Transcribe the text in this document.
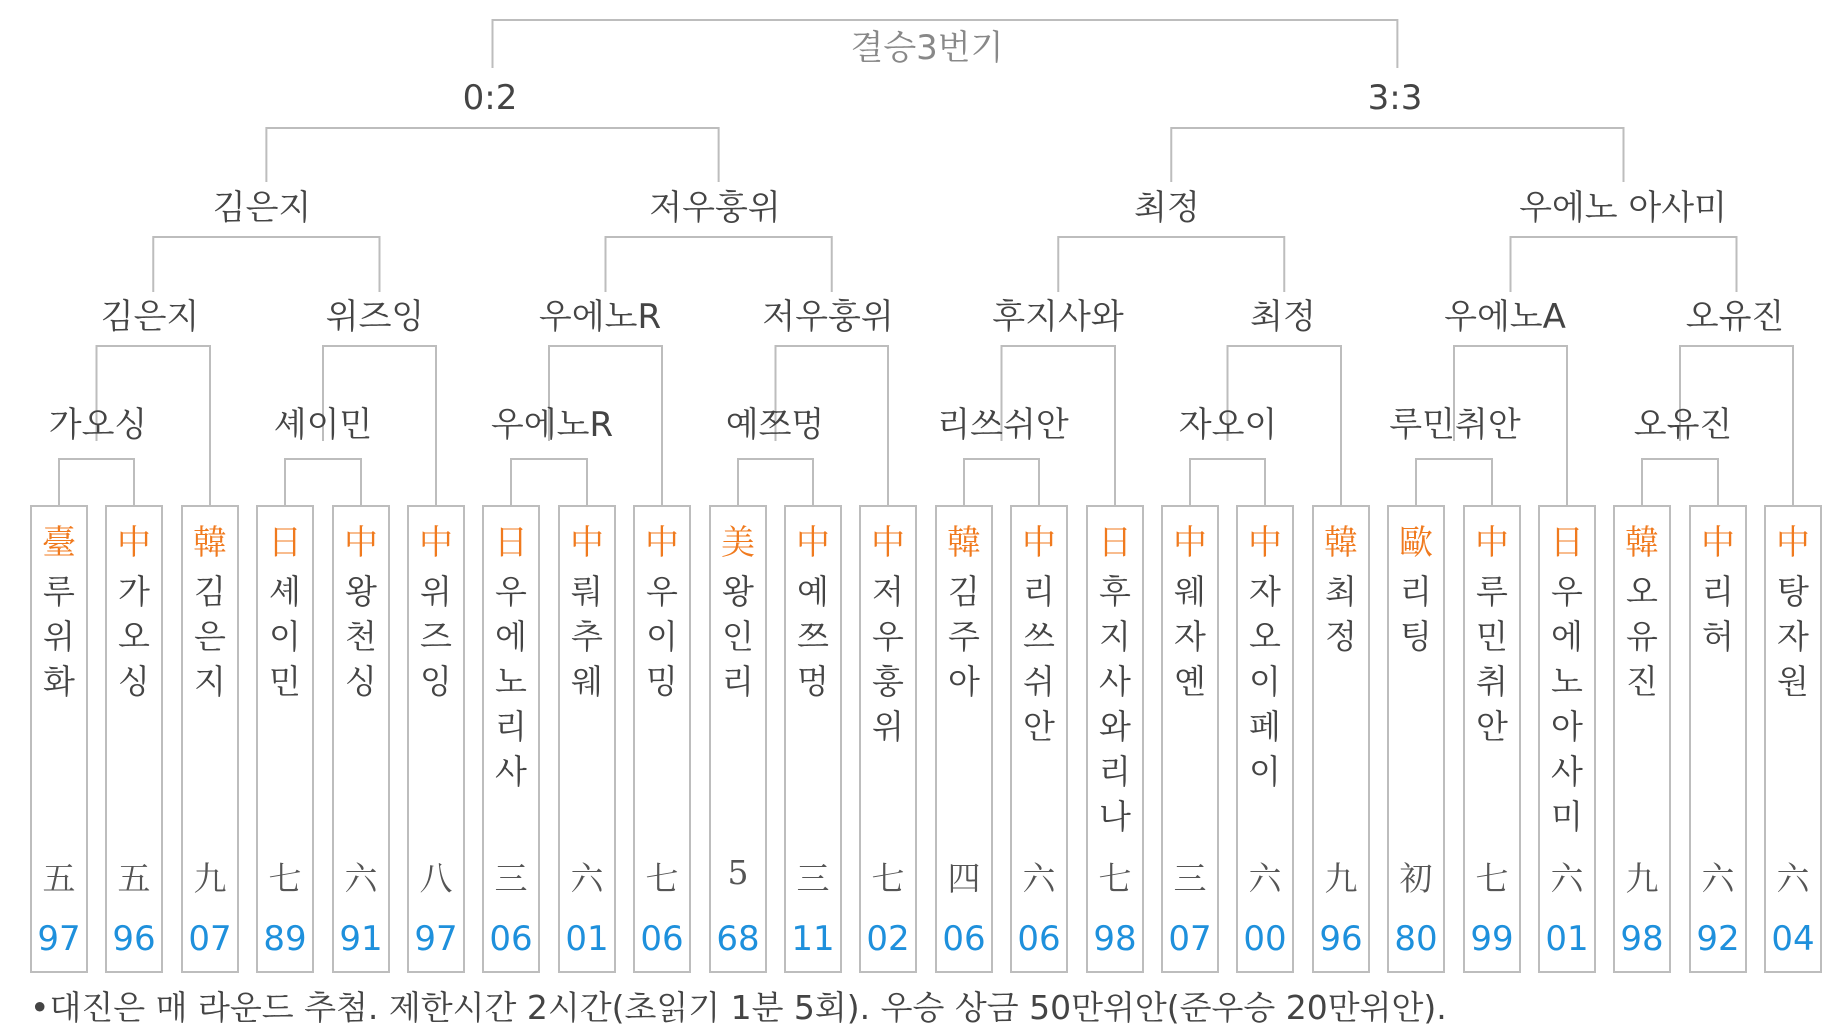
결승3번기
0:2	3:3
김은지	저우훙위	최정	우에노 아사미
김은지	위즈잉	우에노R	저우훙위	후지사와	최정	우에노A	오유진
가오싱	셰이민	우에노R	예쯔멍	리쓰쉬안	자오이	루민취안	오유진
臺
루
위
화
五
97
中
가
오
싱
五
96
韓
김
은
지
九
07
日
셰
이
민
七
89
中
왕
천
싱
六
91
中
위
즈
잉
八
97
日
우
에
노
리
사
三
06
中
뤄
추
웨
六
01
中
우
이
밍
七
06
美
왕
인
리
5
68
中
예
쯔
멍
三
11
中
저
우
훙
위
七
02
韓
김
주
아
四
06
中
리
쓰
쉬
안
六
06
日
후
지
사
와
리
나
七
98
中
웨
자
옌
三
07
中
자
오
이
페
이
六
00
韓
최
정
九
96
歐
리
팅
初
80
中
루
민
취
안
七
99
日
우
에
노
아
사
미
六
01
韓
오
유
진
九
98
中
리
허
六
92
中
탕
자
원
六
04
•대진은 매 라운드 추첨. 제한시간 2시간(초읽기 1분 5회). 우승 상금 50만위안(준우승 20만위안).
